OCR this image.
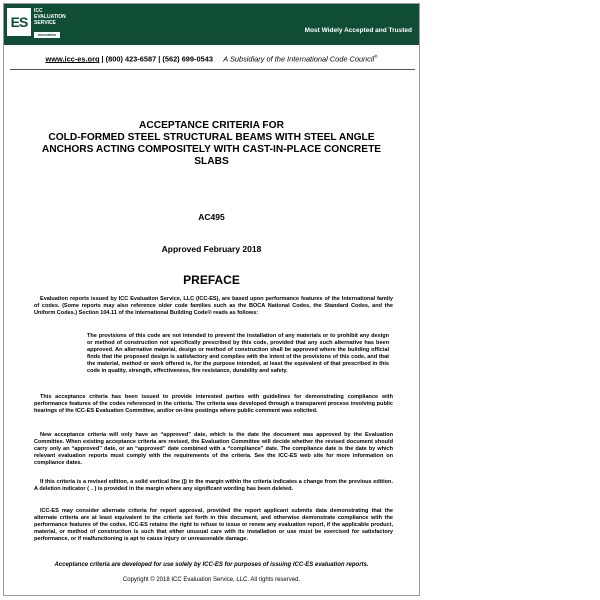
ES
ICC
EVALUATION
SERVICE
Innovation
Most Widely Accepted and Trusted
www.icc-es.org | (800) 423-6587 | (562) 699-0543 A Subsidiary of the International Code Council®
ACCEPTANCE CRITERIA FOR
COLD-FORMED STEEL STRUCTURAL BEAMS WITH STEEL ANGLE
ANCHORS ACTING COMPOSITELY WITH CAST-IN-PLACE CONCRETE
SLABS
AC495
Approved February 2018
PREFACE
Evaluation reports issued by ICC Evaluation Service, LLC (ICC-ES), are based upon performance features of the International family of codes. (Some reports may also reference older code families such as the BOCA National Codes, the Standard Codes, and the Uniform Codes.) Section 104.11 of the International Building Code® reads as follows:
The provisions of this code are not intended to prevent the installation of any materials or to prohibit any design or method of construction not specifically prescribed by this code, provided that any such alternative has been approved. An alternative material, design or method of construction shall be approved where the building official finds that the proposed design is satisfactory and complies with the intent of the provisions of this code, and that the material, method or work offered is, for the purpose intended, at least the equivalent of that prescribed in this code in quality, strength, effectiveness, fire resistance, durability and safety.
This acceptance criteria has been issued to provide interested parties with guidelines for demonstrating compliance with performance features of the codes referenced in the criteria. The criteria was developed through a transparent process involving public hearings of the ICC-ES Evaluation Committee, and/or on-line postings where public comment was solicited.
New acceptance criteria will only have an “approved” date, which is the date the document was approved by the Evaluation Committee. When existing acceptance criteria are revised, the Evaluation Committee will decide whether the revised document should carry only an “approved” date, or an “approved” date combined with a “compliance” date. The compliance date is the date by which relevant evaluation reports must comply with the requirements of the criteria. See the ICC-ES web site for more information on compliance dates.
If this criteria is a revised edition, a solid vertical line (|) in the margin within the criteria indicates a change from the previous edition. A deletion indicator (→) is provided in the margin where any significant wording has been deleted.
ICC-ES may consider alternate criteria for report approval, provided the report applicant submits data demonstrating that the alternate criteria are at least equivalent to the criteria set forth in this document, and otherwise demonstrate compliance with the performance features of the codes. ICC-ES retains the right to refuse to issue or renew any evaluation report, if the applicable product, material, or method of construction is such that either unusual care with its installation or use must be exercised for satisfactory performance, or if malfunctioning is apt to cause injury or unreasonable damage.
Acceptance criteria are developed for use solely by ICC-ES for purposes of issuing ICC-ES evaluation reports.
Copyright © 2018 ICC Evaluation Service, LLC. All rights reserved.
